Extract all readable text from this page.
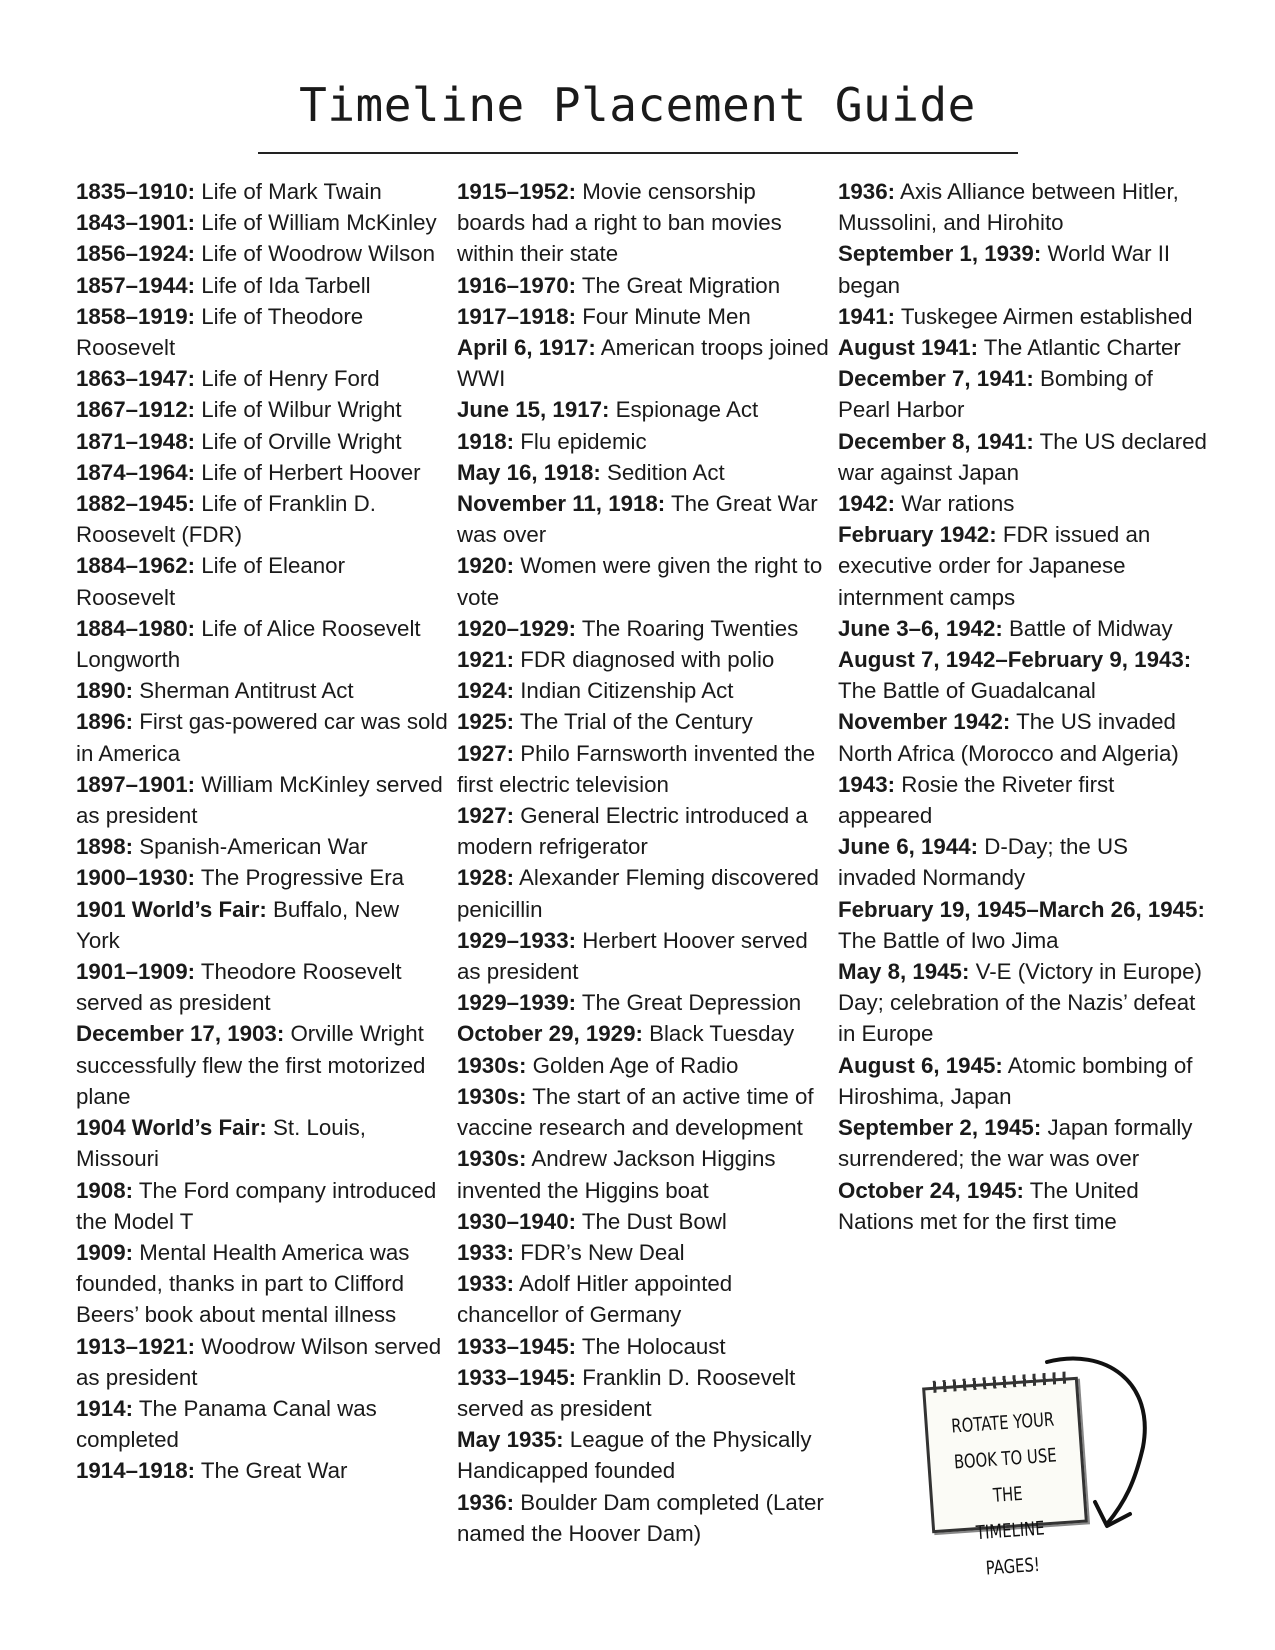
Timeline Placement Guide

1835–1910: Life of Mark Twain

1843–1901: Life of William McKinley

1856–1924: Life of Woodrow Wilson

1857–1944: Life of Ida Tarbell

1858–1919: Life of Theodore Roosevelt

1863–1947: Life of Henry Ford

1867–1912: Life of Wilbur Wright

1871–1948: Life of Orville Wright

1874–1964: Life of Herbert Hoover

1882–1945: Life of Franklin D. Roosevelt (FDR)

1884–1962: Life of Eleanor Roosevelt

1884–1980: Life of Alice Roosevelt Longworth

1890: Sherman Antitrust Act

1896: First gas-powered car was sold in America

1897–1901: William McKinley served as president

1898: Spanish-American War

1900–1930: The Progressive Era

1901 World’s Fair: Buffalo, New York

1901–1909: Theodore Roosevelt served as president

December 17, 1903: Orville Wright successfully flew the first motorized plane

1904 World’s Fair: St. Louis, Missouri

1908: The Ford company introduced the Model T

1909: Mental Health America was founded, thanks in part to Clifford Beers’ book about mental illness

1913–1921: Woodrow Wilson served as president

1914: The Panama Canal was completed

1914–1918: The Great War

1915–1952: Movie censorship boards had a right to ban movies within their state

1916–1970: The Great Migration

1917–1918: Four Minute Men

April 6, 1917: American troops joined WWI

June 15, 1917: Espionage Act

1918: Flu epidemic

May 16, 1918: Sedition Act

November 11, 1918: The Great War was over

1920: Women were given the right to vote

1920–1929: The Roaring Twenties

1921: FDR diagnosed with polio

1924: Indian Citizenship Act

1925: The Trial of the Century

1927: Philo Farnsworth invented the first electric television

1927: General Electric introduced a modern refrigerator

1928: Alexander Fleming discovered penicillin

1929–1933: Herbert Hoover served as president

1929–1939: The Great Depression

October 29, 1929: Black Tuesday

1930s: Golden Age of Radio

1930s: The start of an active time of vaccine research and development

1930s: Andrew Jackson Higgins invented the Higgins boat

1930–1940: The Dust Bowl

1933: FDR’s New Deal

1933: Adolf Hitler appointed chancellor of Germany

1933–1945: The Holocaust

1933–1945: Franklin D. Roosevelt served as president

May 1935: League of the Physically Handicapped founded

1936: Boulder Dam completed (Later named the Hoover Dam)

1936: Axis Alliance between Hitler, Mussolini, and Hirohito

September 1, 1939: World War II began

1941: Tuskegee Airmen established

August 1941: The Atlantic Charter

December 7, 1941: Bombing of Pearl Harbor

December 8, 1941: The US declared war against Japan

1942: War rations

February 1942: FDR issued an executive order for Japanese internment camps

June 3–6, 1942: Battle of Midway

August 7, 1942–February 9, 1943: The Battle of Guadalcanal

November 1942: The US invaded North Africa (Morocco and Algeria)

1943: Rosie the Riveter first appeared

June 6, 1944: D-Day; the US invaded Normandy

February 19, 1945–March 26, 1945: The Battle of Iwo Jima

May 8, 1945: V-E (Victory in Europe) Day; celebration of the Nazis’ defeat in Europe

August 6, 1945: Atomic bombing of Hiroshima, Japan

September 2, 1945: Japan formally surrendered; the war was over

October 24, 1945: The United Nations met for the first time

ROTATE YOUR
BOOK TO USE THE
TIMELINE PAGES!
